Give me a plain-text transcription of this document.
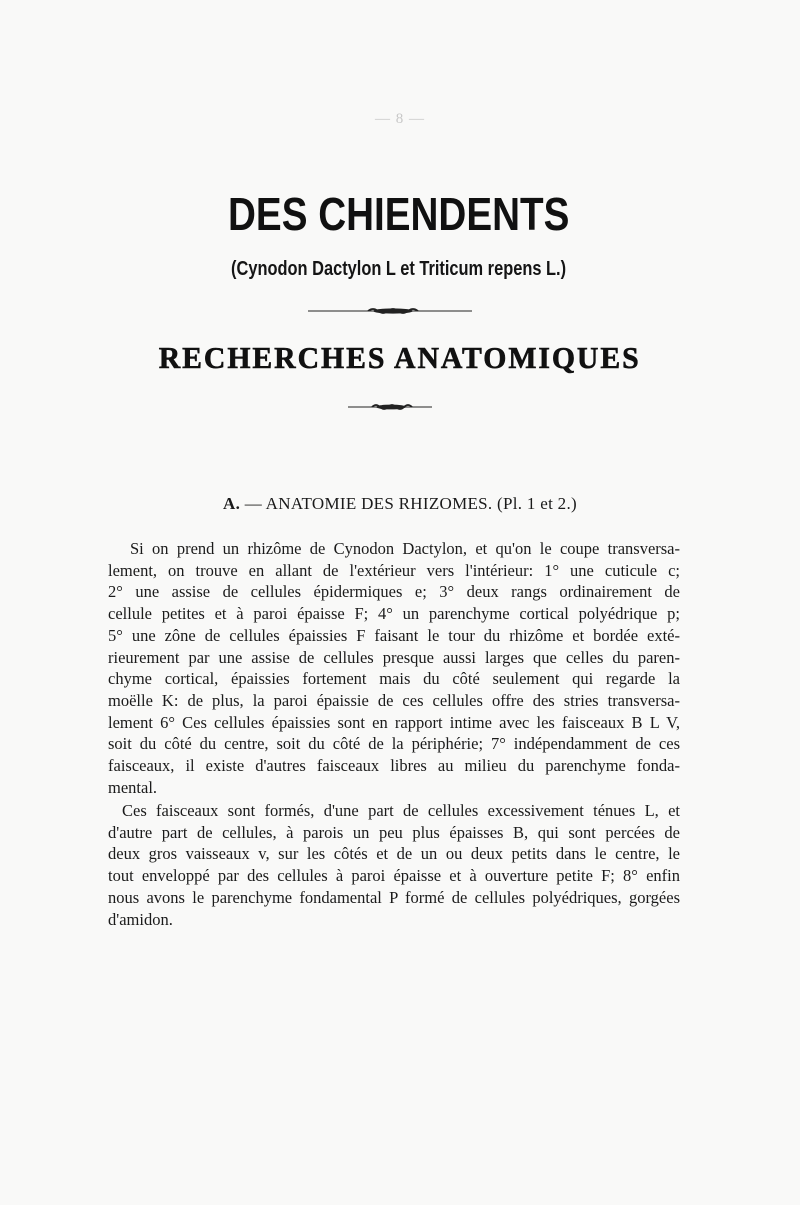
— 8 —
DES CHIENDENTS
(Cynodon Dactylon L et Triticum repens L.)
RECHERCHES ANATOMIQUES
A. — ANATOMIE DES RHIZOMES. (Pl. 1 et 2.)
Si on prend un rhizôme de Cynodon Dactylon, et qu'on le coupe transversa-
lement, on trouve en allant de l'extérieur vers l'intérieur: 1° une cuticule c;
2° une assise de cellules épidermiques e; 3° deux rangs ordinairement de
cellule petites et à paroi épaisse F; 4° un parenchyme cortical polyédrique p;
5° une zône de cellules épaissies F faisant le tour du rhizôme et bordée exté-
rieurement par une assise de cellules presque aussi larges que celles du paren-
chyme cortical, épaissies fortement mais du côté seulement qui regarde la
moëlle K: de plus, la paroi épaissie de ces cellules offre des stries transversa-
lement 6° Ces cellules épaissies sont en rapport intime avec les faisceaux B L V,
soit du côté du centre, soit du côté de la périphérie; 7° indépendamment de ces
faisceaux, il existe d'autres faisceaux libres au milieu du parenchyme fonda-
mental.
Ces faisceaux sont formés, d'une part de cellules excessivement ténues L, et
d'autre part de cellules, à parois un peu plus épaisses B, qui sont percées de
deux gros vaisseaux v, sur les côtés et de un ou deux petits dans le centre, le
tout enveloppé par des cellules à paroi épaisse et à ouverture petite F; 8° enfin
nous avons le parenchyme fondamental P formé de cellules polyédriques, gorgées
d'amidon.
